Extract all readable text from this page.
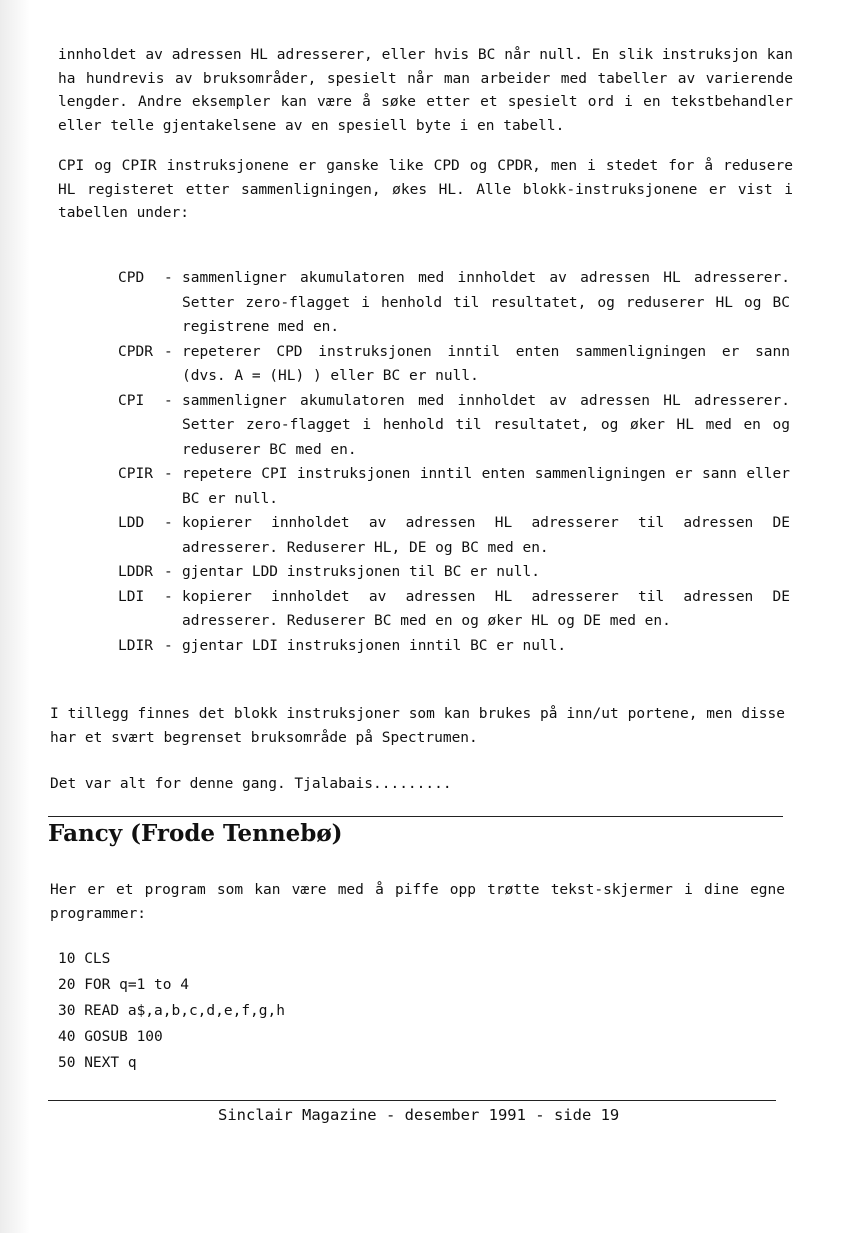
innholdet av adressen HL adresserer, eller hvis BC når null. En slik instruksjon kan ha hundrevis av bruksområder, spesielt når man arbeider med tabeller av varierende lengder. Andre eksempler kan være å søke etter et spesielt ord i en tekstbehandler eller telle gjentakelsene av en spesiell byte i en tabell.

CPI og CPIR instruksjonene er ganske like CPD og CPDR, men i stedet for å redusere HL registeret etter sammenligningen, økes HL. Alle blokk-instruksjonene er vist i tabellen under:

CPD	- sammenligner akumulatoren med innholdet av adressen HL adresserer. Setter zero-flagget i henhold til resultatet, og reduserer HL og BC registrene med en.
CPDR - repeterer CPD instruksjonen inntil enten sammenligningen er sann (dvs. A = (HL) ) eller BC er null.
CPI	- sammenligner akumulatoren med innholdet av adressen HL adresserer. Setter zero-flagget i henhold til resultatet, og øker HL med en og reduserer BC med en.
CPIR - repetere CPI instruksjonen inntil enten sammenligningen er sann eller BC er null.
LDD	- kopierer innholdet av adressen HL adresserer til adressen DE adresserer. Reduserer HL, DE og BC med en.
LDDR - gjentar LDD instruksjonen til BC er null.
LDI	- kopierer innholdet av adressen HL adresserer til adressen DE adresserer. Reduserer BC med en og øker HL og DE med en.
LDIR - gjentar LDI instruksjonen inntil BC er null.

I tillegg finnes det blokk instruksjoner som kan brukes på inn/ut portene, men disse har et svært begrenset bruksområde på Spectrumen.

Det var alt for denne gang. Tjalabais.........

Fancy (Frode Tennebø)
Her er et program som kan være med å piffe opp trøtte tekst-skjermer i dine egne programmer:
10 CLS
20 FOR q=1 to 4
30 READ a$,a,b,c,d,e,f,g,h
40 GOSUB 100
50 NEXT q
Sinclair Magazine - desember 1991 - side 19
